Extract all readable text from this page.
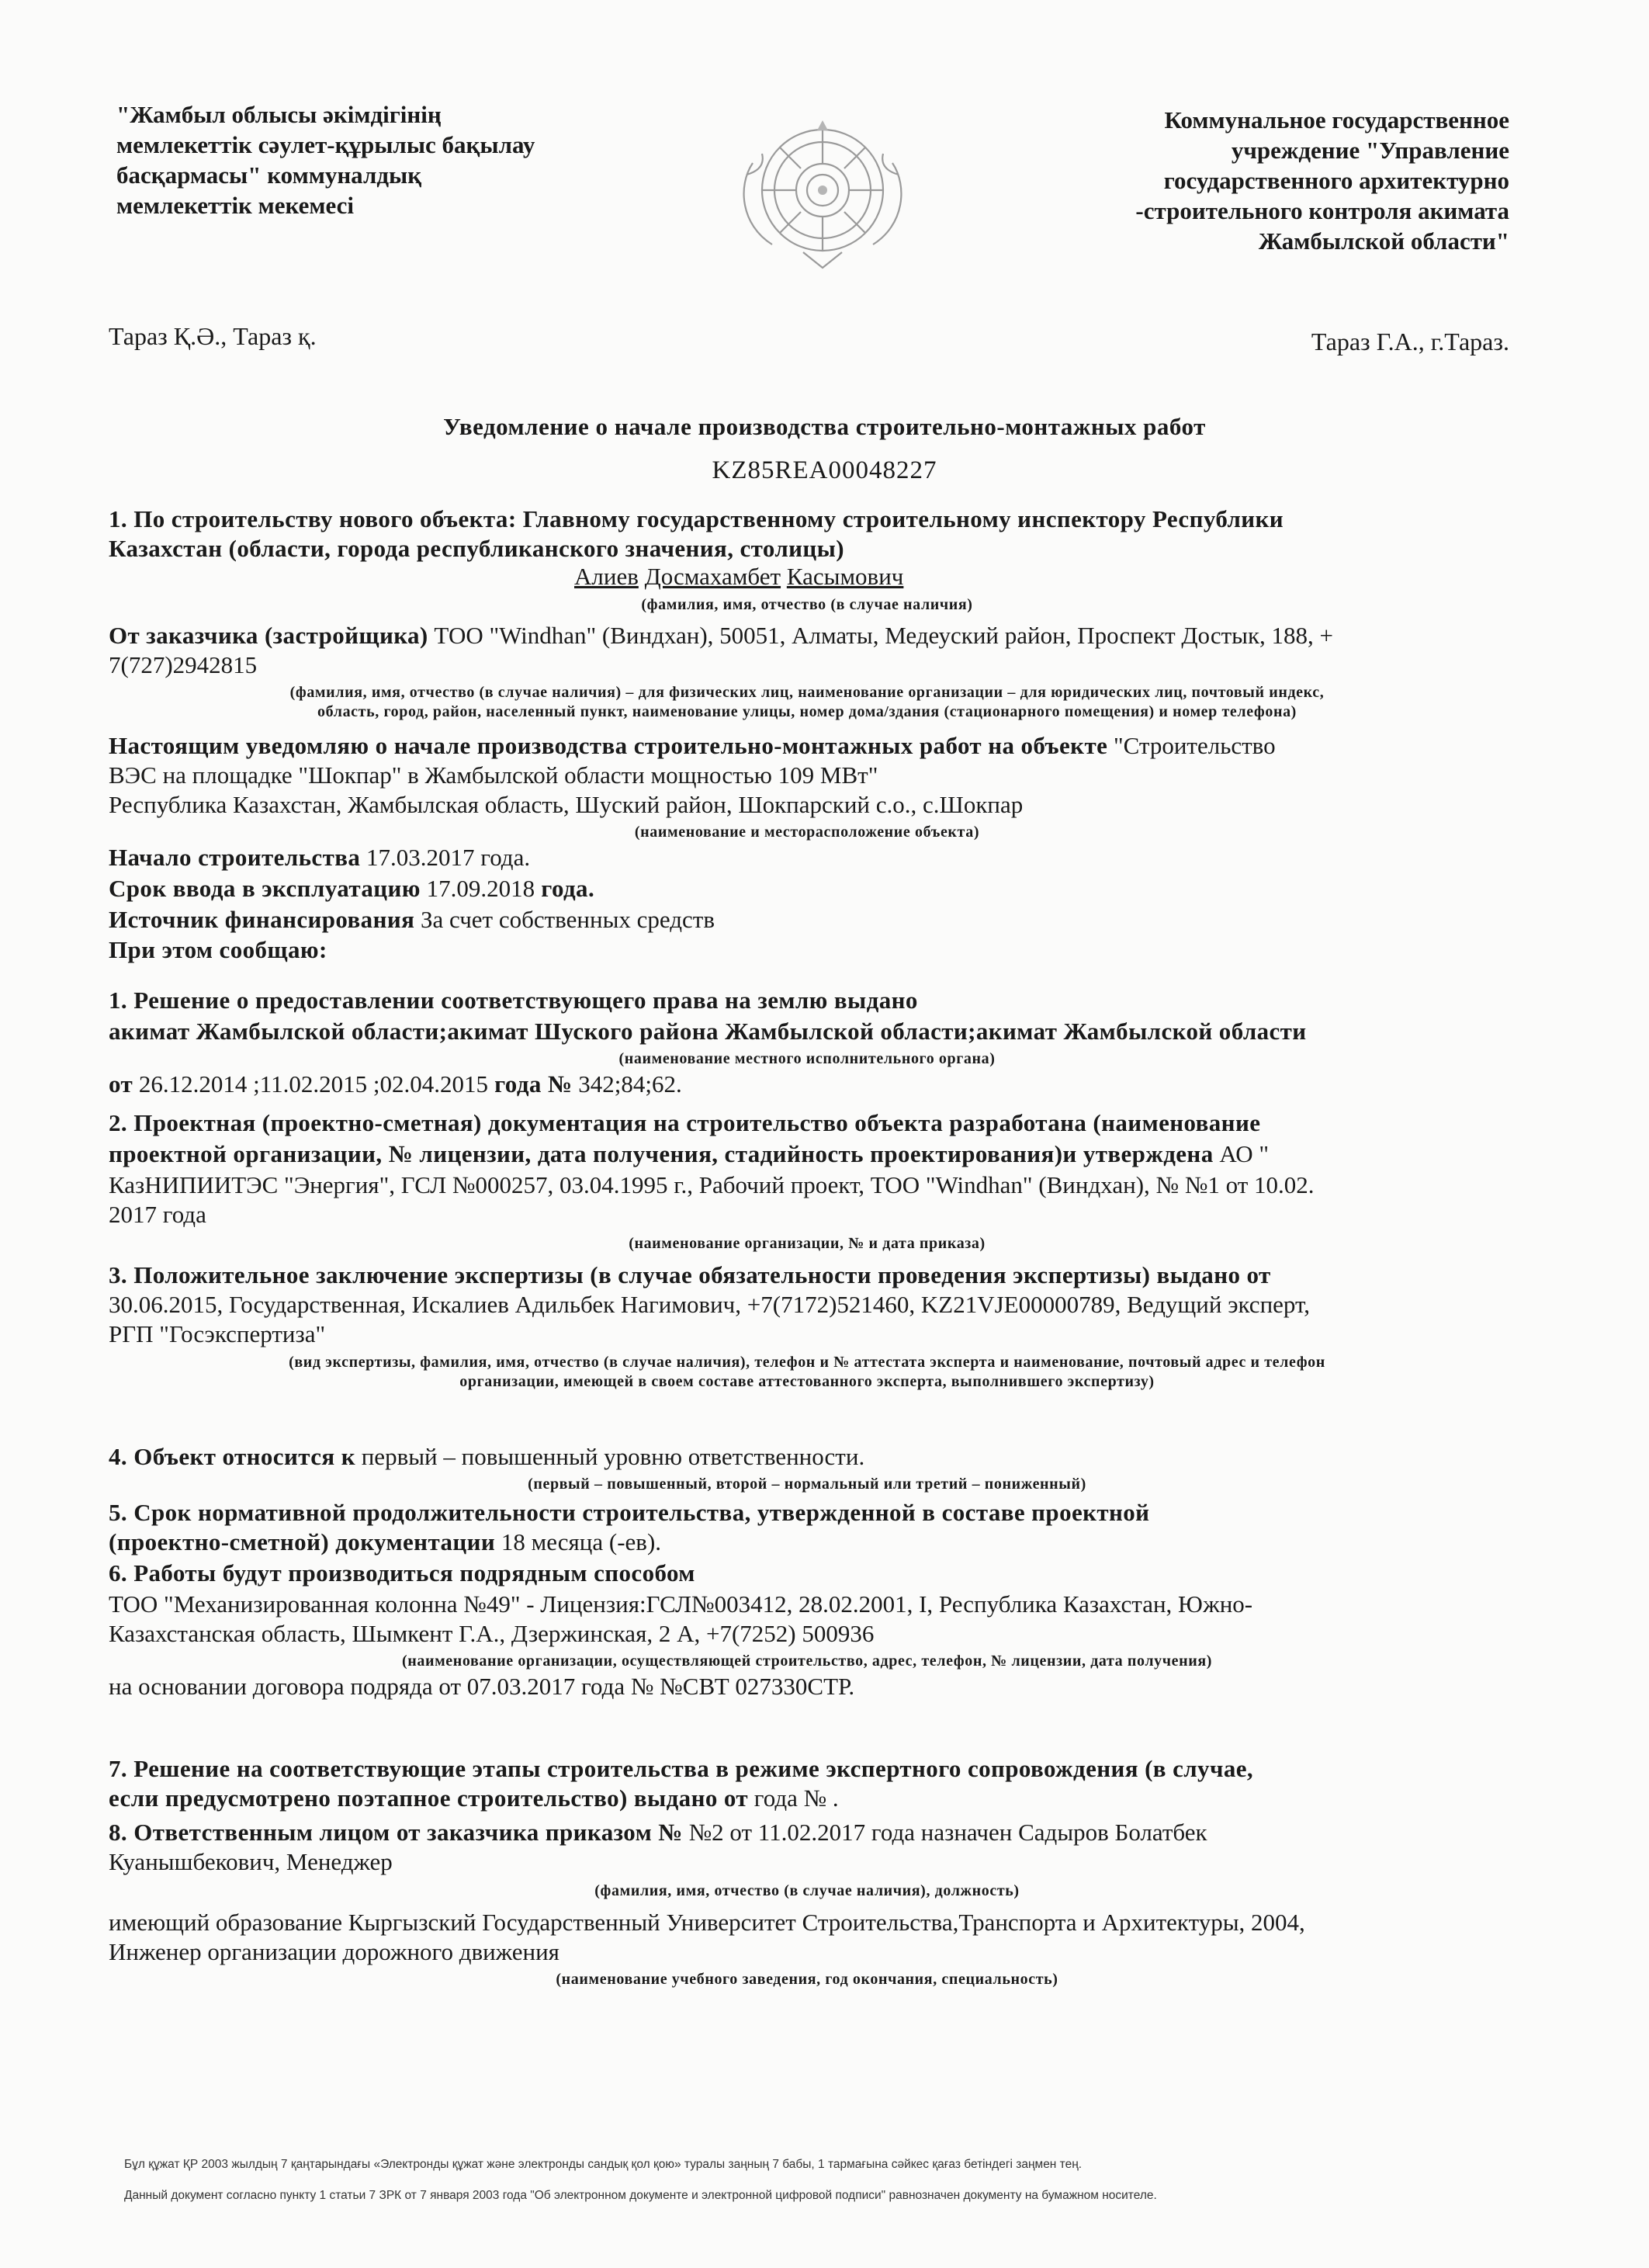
"Жамбыл облысы әкімдігінің
мемлекеттік сәулет-құрылыс бақылау
басқармасы" коммуналдық
мемлекеттік мекемесі
Коммунальное государственное
учреждение "Управление
государственного архитектурно
-строительного контроля акимата
Жамбылской области"
Тараз Қ.Ә., Тараз қ.	Тараз Г.А., г.Тараз.
Уведомление о начале производства строительно-монтажных работ
KZ85REA00048227
1. По строительству нового объекта: Главному государственному строительному инспектору Республики
Казахстан (области, города республиканского значения, столицы)
Алиев Досмахамбет Касымович
(фамилия, имя, отчество (в случае наличия)
От заказчика (застройщика) ТОО "Windhan" (Виндхан), 50051, Алматы, Медеуский район, Проспект Достык, 188, +
7(727)2942815
(фамилия, имя, отчество (в случае наличия) – для физических лиц, наименование организации – для юридических лиц, почтовый индекс,
область, город, район, населенный пункт, наименование улицы, номер дома/здания (стационарного помещения) и номер телефона)
Настоящим уведомляю о начале производства строительно-монтажных работ на объекте "Строительство
ВЭС на площадке "Шокпар" в Жамбылской области мощностью 109 МВт"
Республика Казахстан, Жамбылская область, Шуский район, Шокпарский с.о., с.Шокпар
(наименование и месторасположение объекта)
Начало строительства 17.03.2017 года.
Срок ввода в эксплуатацию 17.09.2018 года.
Источник финансирования За счет собственных средств
При этом сообщаю:
1. Решение о предоставлении соответствующего права на землю выдано
акимат Жамбылской области;акимат Шуского района Жамбылской области;акимат Жамбылской области
(наименование местного исполнительного органа)
от 26.12.2014 ;11.02.2015 ;02.04.2015 года № 342;84;62.
2. Проектная (проектно-сметная) документация на строительство объекта разработана (наименование
проектной организации, № лицензии, дата получения, стадийность проектирования)и утверждена АО "
КазНИПИИТЭС "Энергия", ГСЛ №000257, 03.04.1995 г., Рабочий проект, ТОО "Windhan" (Виндхан), № №1 от 10.02.
2017 года
(наименование организации, № и дата приказа)
3. Положительное заключение экспертизы (в случае обязательности проведения экспертизы) выдано от
30.06.2015, Государственная, Искалиев Адильбек Нагимович, +7(7172)521460, KZ21VJE00000789, Ведущий эксперт,
РГП "Госэкспертиза"
(вид экспертизы, фамилия, имя, отчество (в случае наличия), телефон и № аттестата эксперта и наименование, почтовый адрес и телефон
организации, имеющей в своем составе аттестованного эксперта, выполнившего экспертизу)
4. Объект относится к первый – повышенный уровню ответственности.
(первый – повышенный, второй – нормальный или третий – пониженный)
5. Срок нормативной продолжительности строительства, утвержденной в составе проектной
(проектно-сметной) документации 18 месяца (-ев).
6. Работы будут производиться подрядным способом
ТОО "Механизированная колонна №49" - Лицензия:ГСЛ№003412, 28.02.2001, I, Республика Казахстан, Южно-
Казахстанская область, Шымкент Г.А., Дзержинская, 2 А, +7(7252) 500936
(наименование организации, осуществляющей строительство, адрес, телефон, № лицензии, дата получения)
на основании договора подряда от 07.03.2017 года № №СВТ 027330СТР.
7. Решение на соответствующие этапы строительства в режиме экспертного сопровождения (в случае,
если предусмотрено поэтапное строительство) выдано от года № .
8. Ответственным лицом от заказчика приказом № №2 от 11.02.2017 года назначен Садыров Болатбек
Куанышбекович, Менеджер
(фамилия, имя, отчество (в случае наличия), должность)
имеющий образование Кыргызский Государственный Университет Строительства,Транспорта и Архитектуры, 2004,
Инженер организации дорожного движения
(наименование учебного заведения, год окончания, специальность)
Бұл құжат ҚР 2003 жылдың 7 қаңтарындағы «Электронды құжат және электронды сандық қол қою» туралы заңның 7 бабы, 1 тармағына сәйкес қағаз бетіндегі заңмен тең.
Данный документ согласно пункту 1 статьи 7 ЗРК от 7 января 2003 года "Об электронном документе и электронной цифровой подписи" равнозначен документу на бумажном носителе.
